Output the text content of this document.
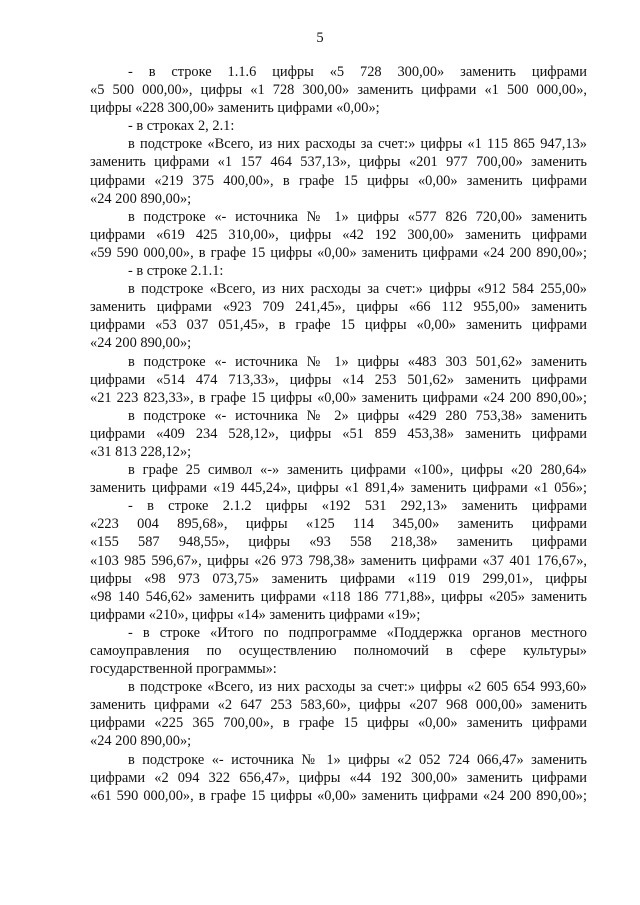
5
- в строке 1.1.6 цифры «5 728 300,00» заменить цифрами
«5 500 000,00», цифры «1 728 300,00» заменить цифрами «1 500 000,00»,
цифры «228 300,00» заменить цифрами «0,00»;
- в строках 2, 2.1:
в подстроке «Всего, из них расходы за счет:» цифры «1 115 865 947,13»
заменить цифрами «1 157 464 537,13», цифры «201 977 700,00» заменить
цифрами «219 375 400,00», в графе 15 цифры «0,00» заменить цифрами
«24 200 890,00»;
в подстроке «- источника № 1» цифры «577 826 720,00» заменить
цифрами «619 425 310,00», цифры «42 192 300,00» заменить цифрами
«59 590 000,00», в графе 15 цифры «0,00» заменить цифрами «24 200 890,00»;
- в строке 2.1.1:
в подстроке «Всего, из них расходы за счет:» цифры «912 584 255,00»
заменить цифрами «923 709 241,45», цифры «66 112 955,00» заменить
цифрами «53 037 051,45», в графе 15 цифры «0,00» заменить цифрами
«24 200 890,00»;
в подстроке «- источника № 1» цифры «483 303 501,62» заменить
цифрами «514 474 713,33», цифры «14 253 501,62» заменить цифрами
«21 223 823,33», в графе 15 цифры «0,00» заменить цифрами «24 200 890,00»;
в подстроке «- источника № 2» цифры «429 280 753,38» заменить
цифрами «409 234 528,12», цифры «51 859 453,38» заменить цифрами
«31 813 228,12»;
в графе 25 символ «-» заменить цифрами «100», цифры «20 280,64»
заменить цифрами «19 445,24», цифры «1 891,4» заменить цифрами «1 056»;
- в строке 2.1.2 цифры «192 531 292,13» заменить цифрами
«223 004 895,68», цифры «125 114 345,00» заменить цифрами
«155 587 948,55», цифры «93 558 218,38» заменить цифрами
«103 985 596,67», цифры «26 973 798,38» заменить цифрами «37 401 176,67»,
цифры «98 973 073,75» заменить цифрами «119 019 299,01», цифры
«98 140 546,62» заменить цифрами «118 186 771,88», цифры «205» заменить
цифрами «210», цифры «14» заменить цифрами «19»;
- в строке «Итого по подпрограмме «Поддержка органов местного
самоуправления по осуществлению полномочий в сфере культуры»
государственной программы»:
в подстроке «Всего, из них расходы за счет:» цифры «2 605 654 993,60»
заменить цифрами «2 647 253 583,60», цифры «207 968 000,00» заменить
цифрами «225 365 700,00», в графе 15 цифры «0,00» заменить цифрами
«24 200 890,00»;
в подстроке «- источника № 1» цифры «2 052 724 066,47» заменить
цифрами «2 094 322 656,47», цифры «44 192 300,00» заменить цифрами
«61 590 000,00», в графе 15 цифры «0,00» заменить цифрами «24 200 890,00»;
